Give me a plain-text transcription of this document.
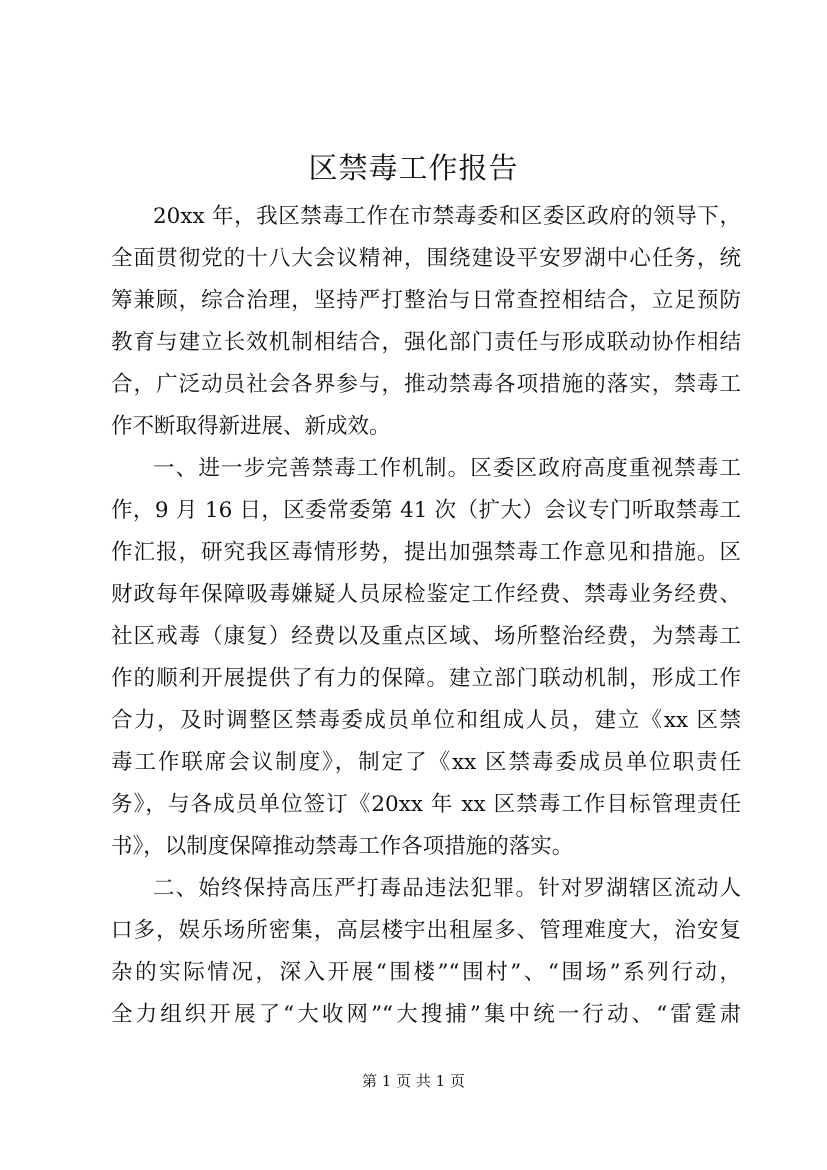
区禁毒工作报告

20xx 年，我区禁毒工作在市禁毒委和区委区政府的领导下，

全面贯彻党的十八大会议精神，围绕建设平安罗湖中心任务，统

筹兼顾，综合治理，坚持严打整治与日常查控相结合，立足预防

教育与建立长效机制相结合，强化部门责任与形成联动协作相结

合，广泛动员社会各界参与，推动禁毒各项措施的落实，禁毒工

作不断取得新进展、新成效。

一、进一步完善禁毒工作机制。区委区政府高度重视禁毒工

作，9 月 16 日，区委常委第 41 次（扩大）会议专门听取禁毒工

作汇报，研究我区毒情形势，提出加强禁毒工作意见和措施。区

财政每年保障吸毒嫌疑人员尿检鉴定工作经费、禁毒业务经费、

社区戒毒（康复）经费以及重点区域、场所整治经费，为禁毒工

作的顺利开展提供了有力的保障。建立部门联动机制，形成工作

合力，及时调整区禁毒委成员单位和组成人员，建立《xx 区禁

毒工作联席会议制度》，制定了《xx 区禁毒委成员单位职责任

务》，与各成员单位签订《20xx 年 xx 区禁毒工作目标管理责任

书》，以制度保障推动禁毒工作各项措施的落实。

二、始终保持高压严打毒品违法犯罪。针对罗湖辖区流动人

口多，娱乐场所密集，高层楼宇出租屋多、管理难度大，治安复

杂的实际情况，深入开展“围楼”“围村”、“围场”系列行动，

全力组织开展了“大收网”“大搜捕”集中统一行动、“雷霆肃

第 1 页 共 1 页
